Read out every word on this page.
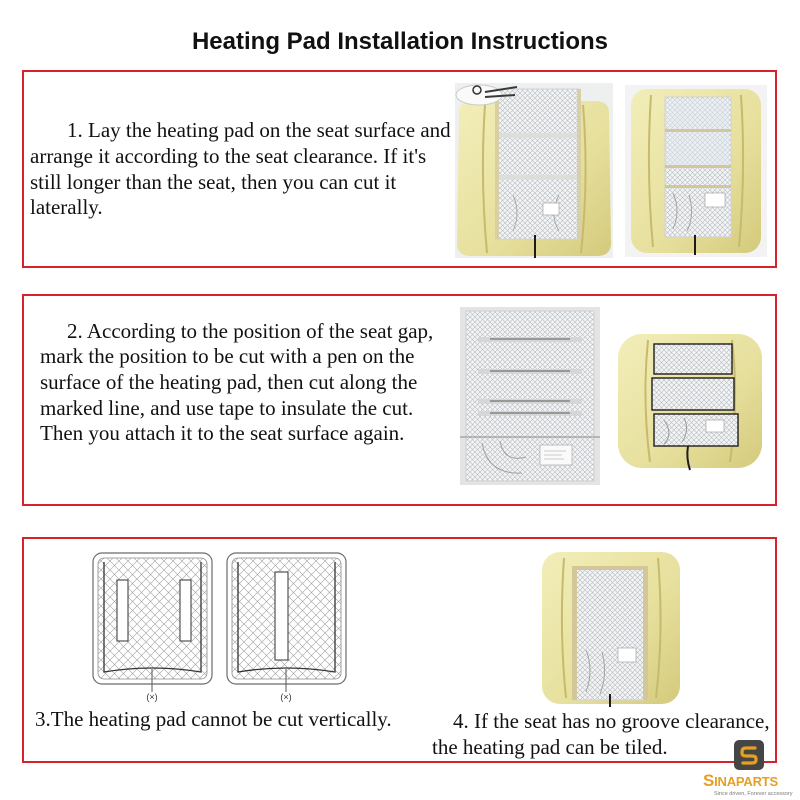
Heating Pad Installation Instructions
1. Lay the heating pad on the seat surface and
arrange it according to the seat clearance. If it's
still longer than the seat, then you can cut it
laterally.
2. According to the position of the seat gap,
mark the position to be cut with a pen on the
surface of the heating pad, then cut along the
marked line, and use tape to insulate the cut.
Then you attach it to the seat surface again.
(×)	(×)
3.The heating pad cannot be cut vertically.	4. If the seat has no groove clearance,
the heating pad can be tiled.
SINAPARTS
Since driven, Forever accessory
